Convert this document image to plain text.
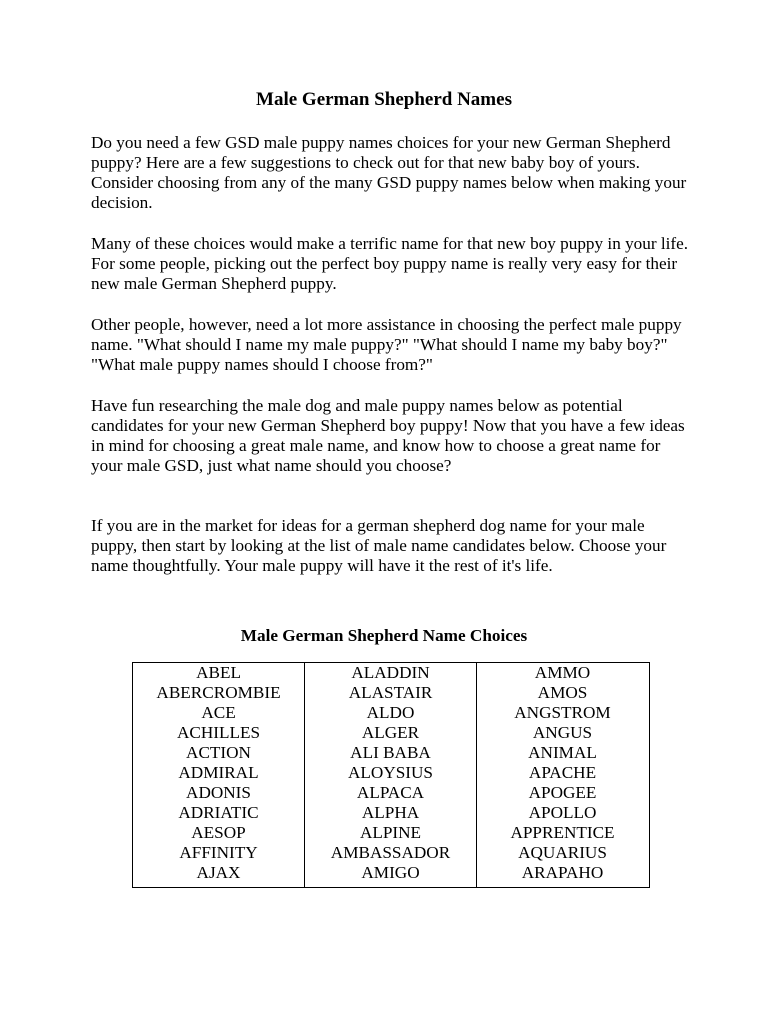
Male German Shepherd Names

Do you need a few GSD male puppy names choices for your new German Shepherd puppy? Here are a few suggestions to check out for that new baby boy of yours. Consider choosing from any of the many GSD puppy names below when making your decision.

Many of these choices would make a terrific name for that new boy puppy in your life. For some people, picking out the perfect boy puppy name is really very easy for their new male German Shepherd puppy.

Other people, however, need a lot more assistance in choosing the perfect male puppy name. "What should I name my male puppy?" "What should I name my baby boy?" "What male puppy names should I choose from?"

Have fun researching the male dog and male puppy names below as potential candidates for your new German Shepherd boy puppy! Now that you have a few ideas in mind for choosing a great male name, and know how to choose a great name for your male GSD, just what name should you choose?

If you are in the market for ideas for a german shepherd dog name for your male puppy, then start by looking at the list of male name candidates below. Choose your name thoughtfully. Your male puppy will have it the rest of it's life.

Male German Shepherd Name Choices
ABEL
ABERCROMBIE
ACE
ACHILLES
ACTION
ADMIRAL
ADONIS
ADRIATIC
AESOP
AFFINITY
AJAX
ALADDIN
ALASTAIR
ALDO
ALGER
ALI BABA
ALOYSIUS
ALPACA
ALPHA
ALPINE
AMBASSADOR
AMIGO
AMMO
AMOS
ANGSTROM
ANGUS
ANIMAL
APACHE
APOGEE
APOLLO
APPRENTICE
AQUARIUS
ARAPAHO
